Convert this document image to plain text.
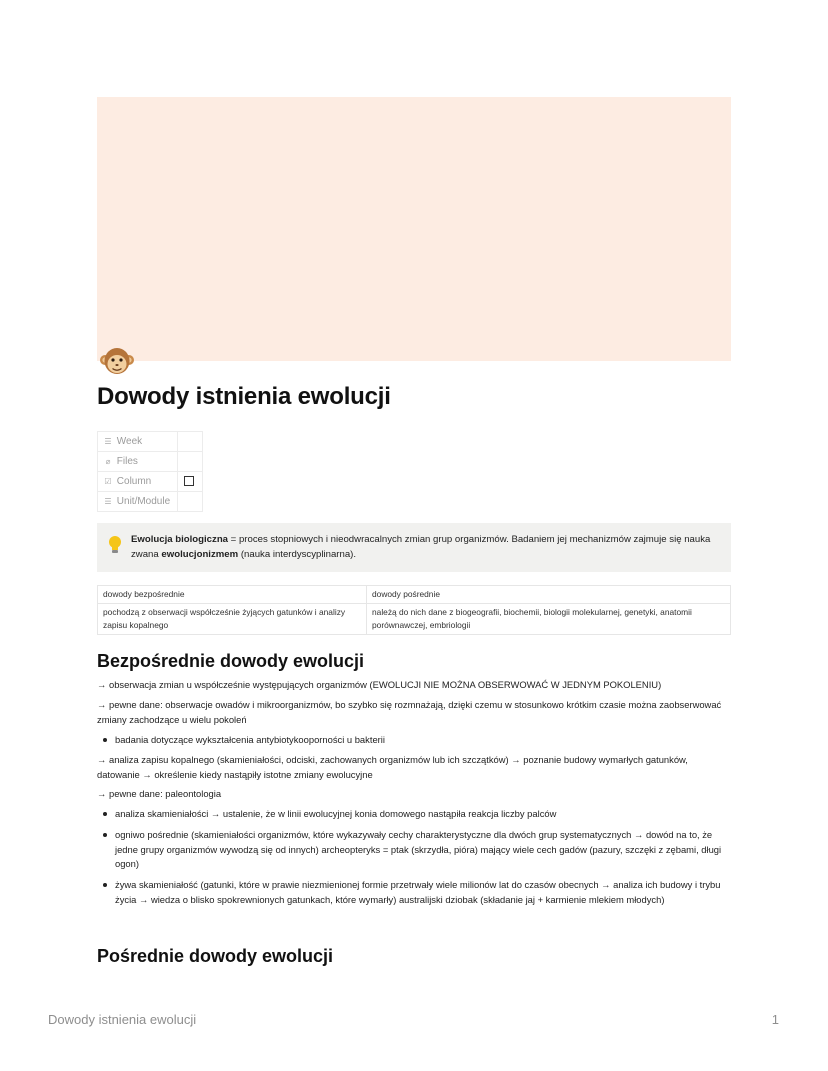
Dowody istnienia ewolucji
☰ Week	
⌀ Files	
☑ Column	
☰ Unit/Module	
Ewolucja biologiczna = proces stopniowych i nieodwracalnych zmian grup organizmów. Badaniem jej mechanizmów zajmuje się nauka zwana ewolucjonizmem (nauka interdyscyplinarna).
dowody bezpośrednie	dowody pośrednie
pochodzą z obserwacji współcześnie żyjących gatunków i analizy zapisu kopalnego	należą do nich dane z biogeografii, biochemii, biologii molekularnej, genetyki, anatomii porównawczej, embriologii
Bezpośrednie dowody ewolucji

→ obserwacja zmian u współcześnie występujących organizmów (EWOLUCJI NIE MOŻNA OBSERWOWAĆ W JEDNYM POKOLENIU)

→ pewne dane: obserwacje owadów i mikroorganizmów, bo szybko się rozmnażają, dzięki czemu w stosunkowo krótkim czasie można zaobserwować zmiany zachodzące u wielu pokoleń

badania dotyczące wykształcenia antybiotykooporności u bakterii

→ analiza zapisu kopalnego (skamieniałości, odciski, zachowanych organizmów lub ich szczątków) → poznanie budowy wymarłych gatunków, datowanie → określenie kiedy nastąpiły istotne zmiany ewolucyjne

→ pewne dane: paleontologia

analiza skamieniałości → ustalenie, że w linii ewolucyjnej konia domowego nastąpiła reakcja liczby palców
ogniwo pośrednie (skamieniałości organizmów, które wykazywały cechy charakterystyczne dla dwóch grup systematycznych → dowód na to, że jedne grupy organizmów wywodzą się od innych) archeopteryks = ptak (skrzydła, pióra) mający wiele cech gadów (pazury, szczęki z zębami, długi ogon)
żywa skamieniałość (gatunki, które w prawie niezmienionej formie przetrwały wiele milionów lat do czasów obecnych → analiza ich budowy i trybu życia → wiedza o blisko spokrewnionych gatunkach, które wymarły) australijski dziobak (składanie jaj + karmienie mlekiem młodych)
Pośrednie dowody ewolucji
Dowody istnienia ewolucji	1
